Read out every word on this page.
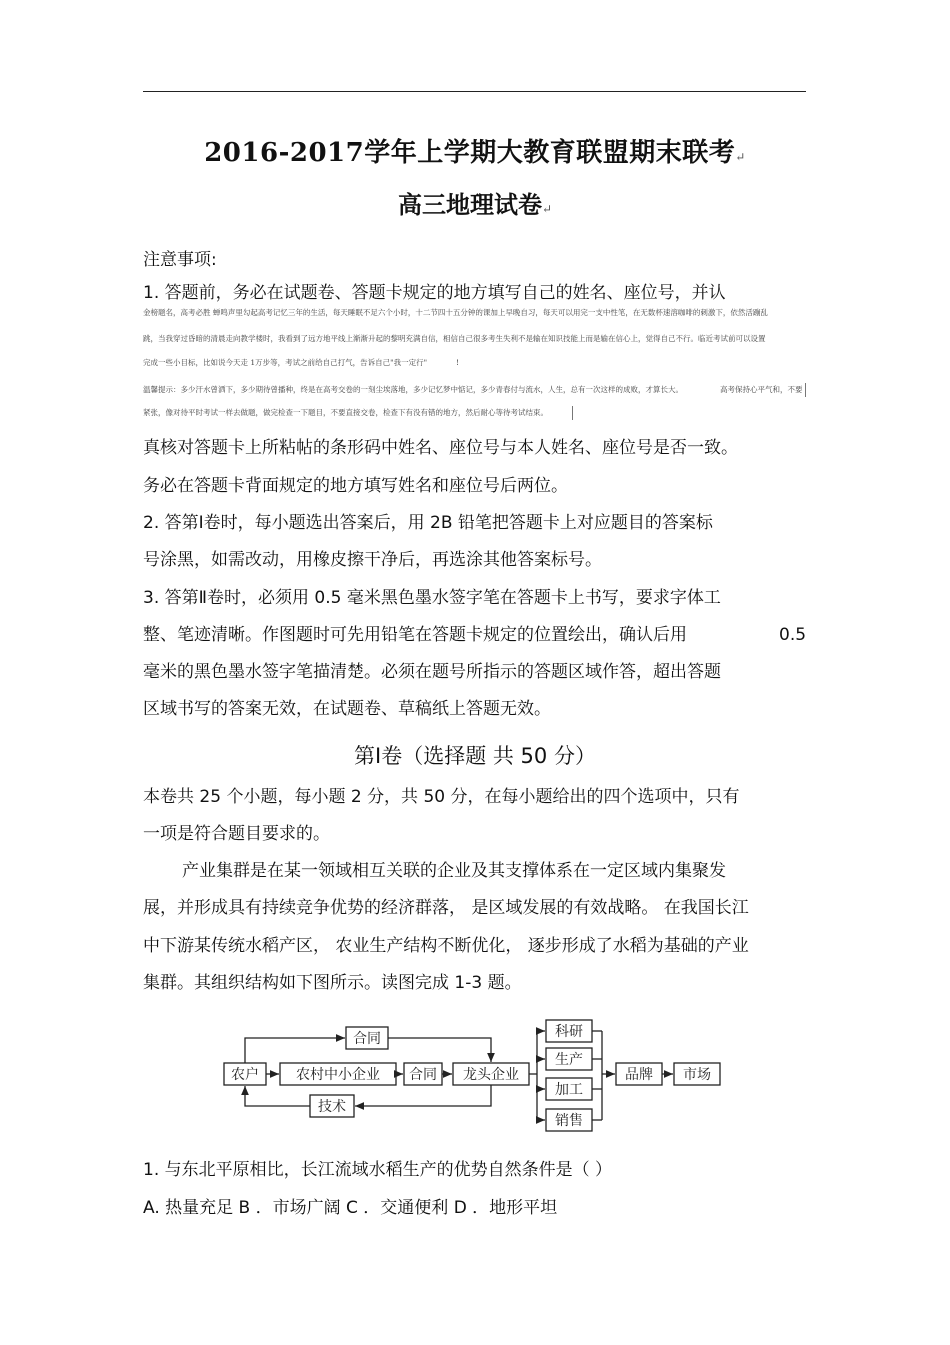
2016-2017学年上学期大教育联盟期末联考↵
高三地理试卷↵
注意事项:
1. 答题前，务必在试题卷、答题卡规定的地方填写自己的姓名、座位号，并认
金榜题名，高考必胜 蝉鸣声里勾起高考记忆三年的生活，每天睡眠不足六个小时，十二节四十五分钟的课加上早晚自习，每天可以用完一支中性笔，在无数杯速溶咖啡的刺激下，依然活蹦乱
跳，当我穿过昏暗的清晨走向教学楼时，我看到了远方地平线上渐渐升起的黎明充满自信，相信自己很多考生失利不是输在知识技能上而是输在信心上，觉得自己不行。临近考试前可以设置
完成一些小目标，比如说今天走 1万步等，考试之前给自己打气，告诉自己"我一定行"	!
温馨提示：多少汗水曾洒下，多少期待曾播种，终是在高考交卷的一刻尘埃落地，多少记忆梦中惦记，多少青春付与流水，人生，总有一次这样的成败，才算长大。	高考保持心平气和，不要
紧张，像对待平时考试一样去做题，做完检查一下题目，不要直接交卷，检查下有没有错的地方，然后耐心等待考试结束。
真核对答题卡上所粘帖的条形码中姓名、座位号与本人姓名、座位号是否一致。
务必在答题卡背面规定的地方填写姓名和座位号后两位。
2. 答第Ⅰ卷时，每小题选出答案后，用 2B 铅笔把答题卡上对应题目的答案标
号涂黑，如需改动，用橡皮擦干净后，再选涂其他答案标号。
3. 答第Ⅱ卷时，必须用 0.5 毫米黑色墨水签字笔在答题卡上书写，要求字体工
整、笔迹清晰。作图题时可先用铅笔在答题卡规定的位置绘出，确认后用	0.5
毫米的黑色墨水签字笔描清楚。必须在题号所指示的答题区域作答，超出答题
区域书写的答案无效，在试题卷、草稿纸上答题无效。
第Ⅰ卷（选择题 共 50 分）
本卷共 25 个小题，每小题 2 分，共 50 分，在每小题给出的四个选项中，只有
一项是符合题目要求的。
产业集群是在某一领域相互关联的企业及其支撑体系在一定区域内集聚发
展，并形成具有持续竞争优势的经济群落， 是区域发展的有效战略。 在我国长江
中下游某传统水稻产区， 农业生产结构不断优化， 逐步形成了水稻为基础的产业
集群。其组织结构如下图所示。读图完成 1-3 题。
农户	农村中小企业 合同 龙头企业
合同
技术
科研
生产
加工
销售
品牌 市场
1. 与东北平原相比，长江流域水稻生产的优势自然条件是（ ）
A. 热量充足 B ．市场广阔 C ．交通便利 D ．地形平坦
